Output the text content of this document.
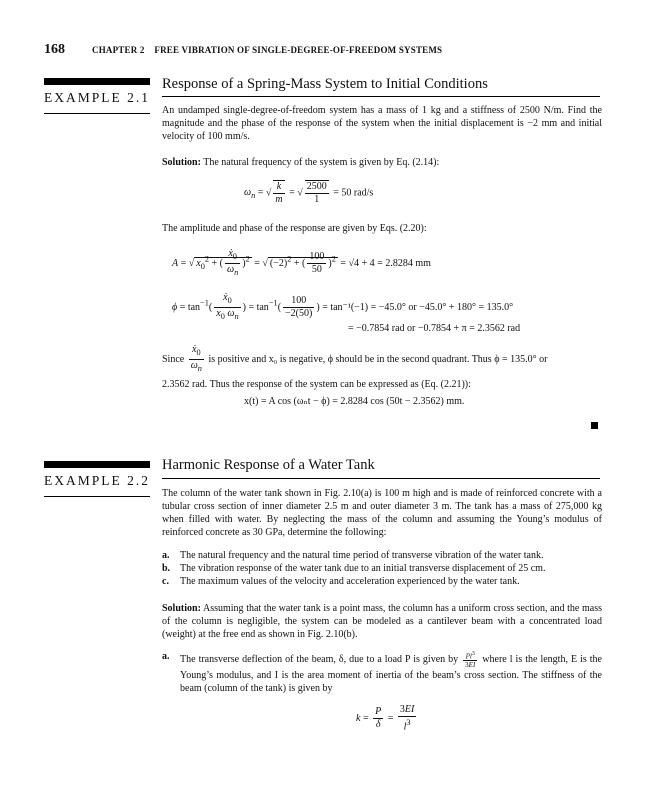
168	CHAPTER 2 FREE VIBRATION OF SINGLE-DEGREE-OF-FREEDOM SYSTEMS
EXAMPLE 2.1
Response of a Spring-Mass System to Initial Conditions
An undamped single-degree-of-freedom system has a mass of 1 kg and a stiffness of 2500 N/m. Find the magnitude and the phase of the response of the system when the initial displacement is −2 mm and initial velocity of 100 mm/s.
Solution: The natural frequency of the system is given by Eq. (2.14):
$\omega_n$ = √ $\frac{k}{m}$ = √ $\frac{2500}{1} = 50$ rad/s
The amplitude and phase of the response are given by Eqs. (2.20):
A = √ $x_0^2$ + ( $\frac{ẋ_0}{\omega_n} )^2$ = √ $(-2)^2$ + ( $\frac{100}{50} )^2 = √4 + 4 = 2.8284$ mm
$\phi = \tan^{-1}( \frac{ẋ_0}{x_0 \omega_n}$ ) = $\tan^{-1}( \frac{100}{-2(50)}$ ) = tan⁻¹(−1) = −45.0° or −45.0° + 180° = 135.0°
= −0.7854 rad or −0.7854 + π = 2.3562 rad
Since $\frac{ẋ_0}{\omega_n}$ is positive and x₀ is negative, ϕ should be in the second quadrant. Thus ϕ = 135.0° or
2.3562 rad. Thus the response of the system can be expressed as (Eq. (2.21)):
x(t) = A cos (ωₙt − ϕ) = 2.8284 cos (50t − 2.3562) mm.
EXAMPLE 2.2
Harmonic Response of a Water Tank
The column of the water tank shown in Fig. 2.10(a) is 100 m high and is made of reinforced concrete with a tubular cross section of inner diameter 2.5 m and outer diameter 3 m. The tank has a mass of 275,000 kg when filled with water. By neglecting the mass of the column and assuming the Young’s modulus of reinforced concrete as 30 GPa, determine the following:
a. The natural frequency and the natural time period of transverse vibration of the water tank.
b. The vibration response of the water tank due to an initial transverse displacement of 25 cm.
c. The maximum values of the velocity and acceleration experienced by the water tank.
Solution: Assuming that the water tank is a point mass, the column has a uniform cross section, and the mass of the column is negligible, the system can be modeled as a cantilever beam with a concentrated load (weight) at the free end as shown in Fig. 2.10(b).
a.	The transverse deflection of the beam, δ, due to a load P is given by $\frac{Pl^3}{3EI}$ where l is the length, E is the Young’s modulus, and I is the area moment of inertia of the beam’s cross section. The stiffness of the beam (column of the tank) is given by
$k = \frac{P}{\delta} = \frac{3EI}{l^3}$
